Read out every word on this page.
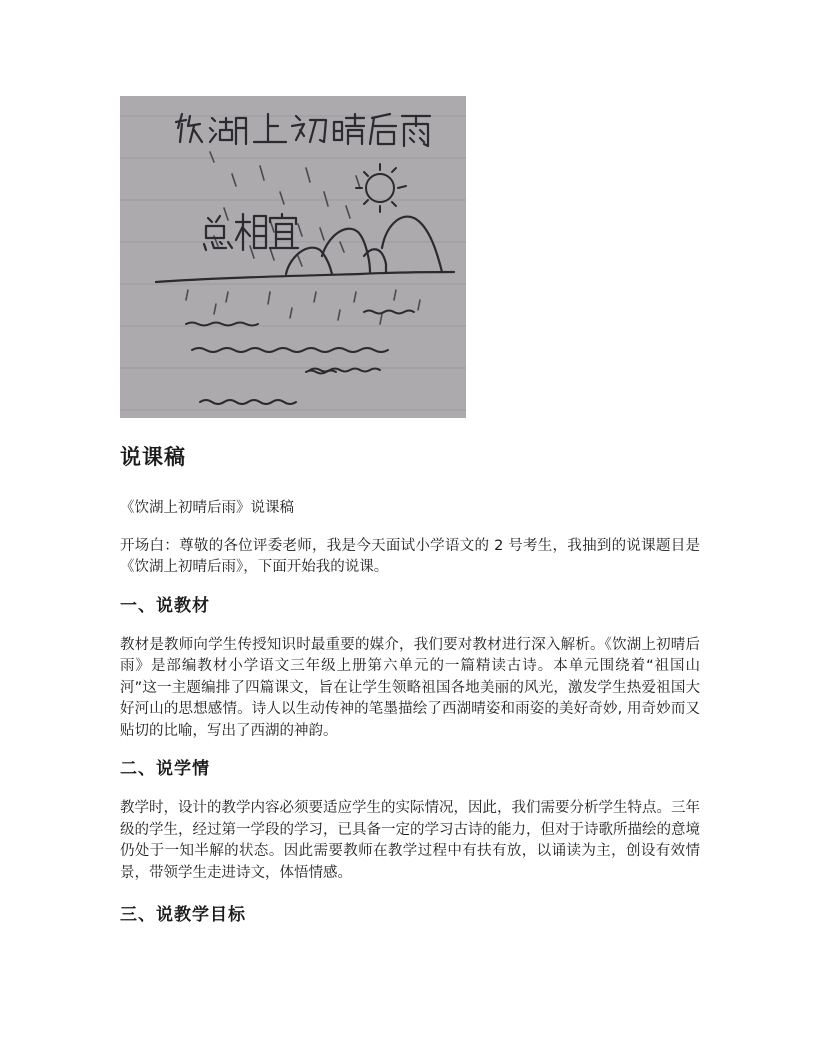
说课稿

《饮湖上初晴后雨》说课稿

开场白：尊敬的各位评委老师，我是今天面试小学语文的 2 号考生，我抽到的说课题目是《饮湖上初晴后雨》，下面开始我的说课。

一、说教材

教材是教师向学生传授知识时最重要的媒介，我们要对教材进行深入解析。《饮湖上初晴后雨》是部编教材小学语文三年级上册第六单元的一篇精读古诗。本单元围绕着“祖国山河”这一主题编排了四篇课文，旨在让学生领略祖国各地美丽的风光，激发学生热爱祖国大好河山的思想感情。诗人以生动传神的笔墨描绘了西湖晴姿和雨姿的美好奇妙, 用奇妙而又贴切的比喻，写出了西湖的神韵。

二、说学情

教学时，设计的教学内容必须要适应学生的实际情况，因此，我们需要分析学生特点。三年级的学生，经过第一学段的学习，已具备一定的学习古诗的能力，但对于诗歌所描绘的意境仍处于一知半解的状态。因此需要教师在教学过程中有扶有放，以诵读为主，创设有效情景，带领学生走进诗文，体悟情感。

三、说教学目标
